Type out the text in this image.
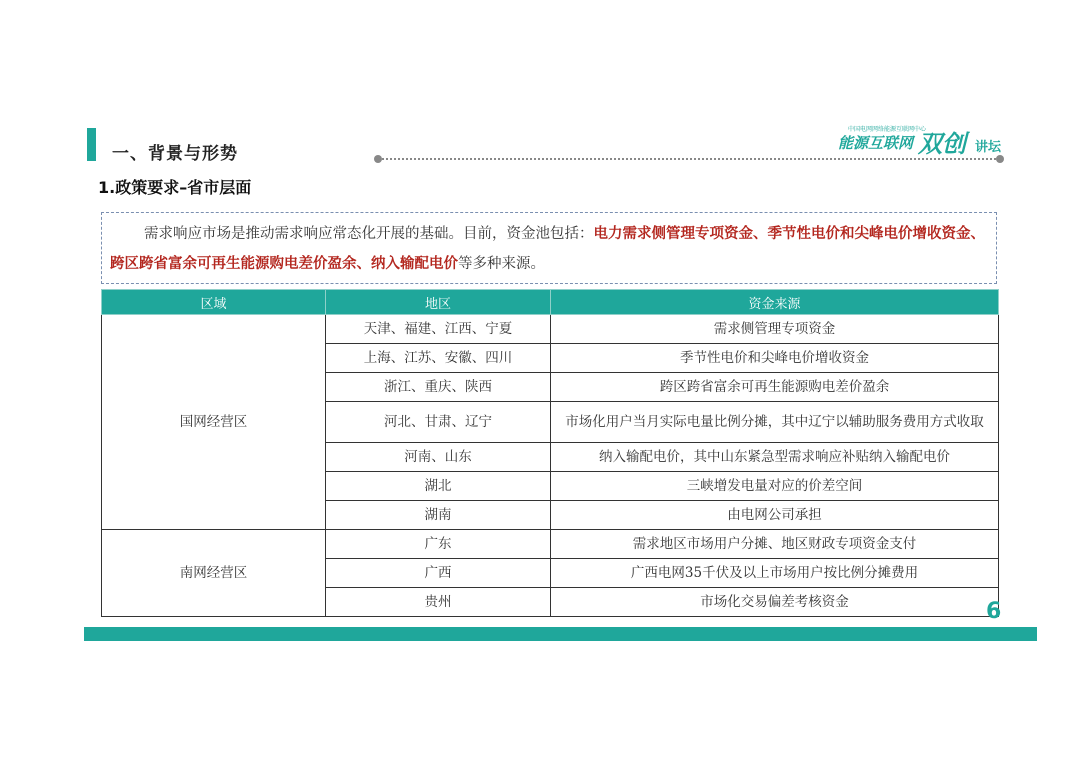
一、背景与形势
中国电网网络能源互联网中心
能源互联网 双创 讲坛
1.政策要求–省市层面
需求响应市场是推动需求响应常态化开展的基础。目前，资金池包括：电力需求侧管理专项资金、季节性电价和尖峰电价增收资金、跨区跨省富余可再生能源购电差价盈余、纳入输配电价等多种来源。
区域	地区	资金来源
国网经营区	天津、福建、江西、宁夏	需求侧管理专项资金
	上海、江苏、安徽、四川	季节性电价和尖峰电价增收资金
	浙江、重庆、陕西	跨区跨省富余可再生能源购电差价盈余
	河北、甘肃、辽宁	市场化用户当月实际电量比例分摊，其中辽宁以辅助服务费用方式收取
	河南、山东	纳入输配电价，其中山东紧急型需求响应补贴纳入输配电价
	湖北	三峡增发电量对应的价差空间
	湖南	由电网公司承担
南网经营区	广东	需求地区市场用户分摊、地区财政专项资金支付
	广西	广西电网35千伏及以上市场用户按比例分摊费用
	贵州	市场化交易偏差考核资金	6
